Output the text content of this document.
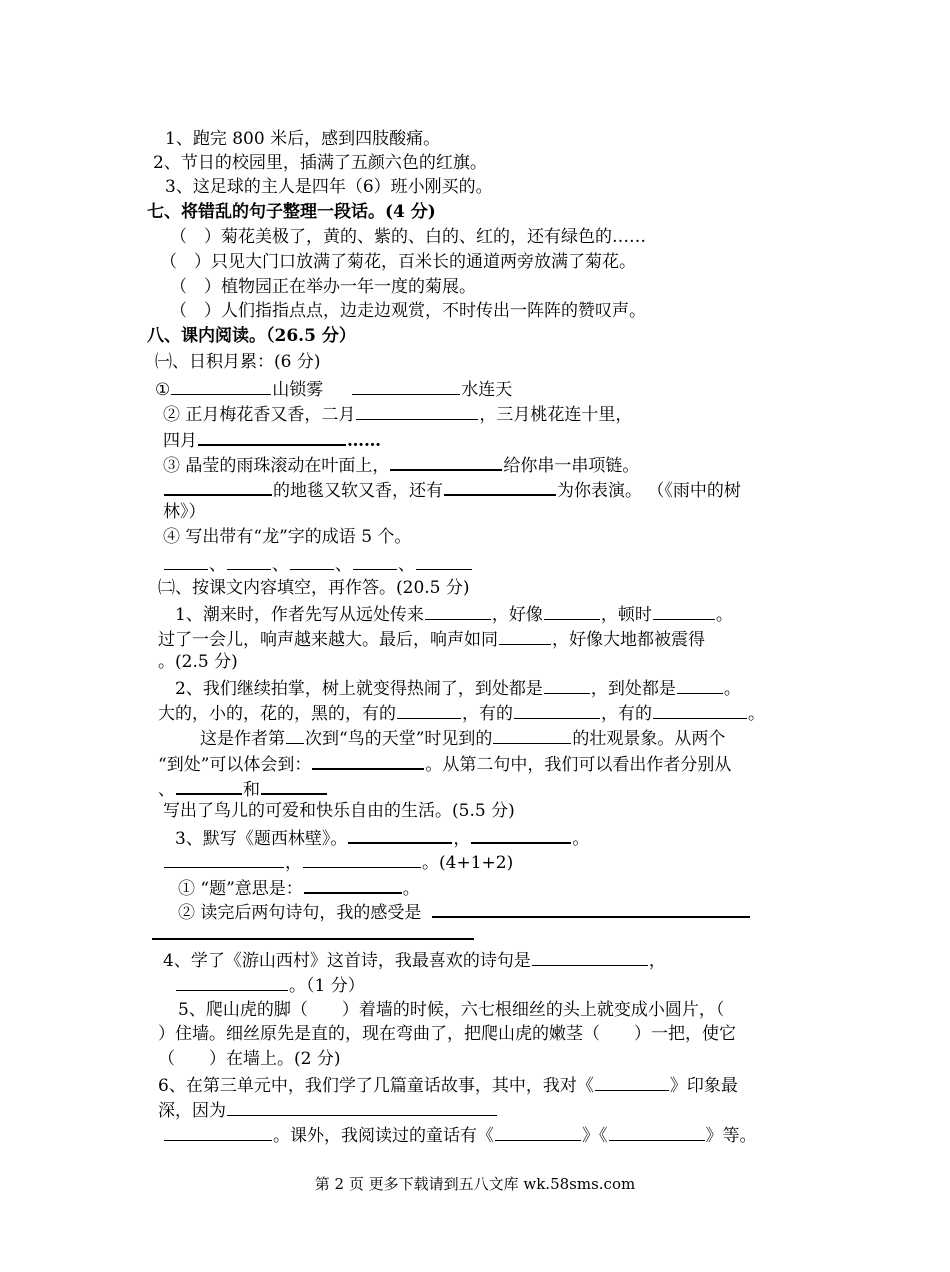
1、跑完 800 米后，感到四肢酸痛。
2、节日的校园里，插满了五颜六色的红旗。
3、这足球的主人是四年（6）班小刚买的。
七、将错乱的句子整理一段话。(4 分)
（　）菊花美极了，黄的、紫的、白的、红的，还有绿色的……
（　）只见大门口放满了菊花，百米长的通道两旁放满了菊花。
（　）植物园正在举办一年一度的菊展。
（　）人们指指点点，边走边观赏，不时传出一阵阵的赞叹声。
八、课内阅读。（26.5 分）
㈠、日积月累：(6 分)
①	山锁雾	水连天
② 正月梅花香又香，二月	，三月桃花连十里，
四月	……
③ 晶莹的雨珠滚动在叶面上，	给你串一串项链。
的地毯又软又香，还有	为你表演。 （《雨中的树
林》）
④ 写出带有“龙”字的成语 5 个。
、	、	、	、
㈡、按课文内容填空，再作答。(20.5 分)
1、潮来时，作者先写从远处传来	，好像	，顿时	。
过了一会儿，响声越来越大。最后，响声如同	，好像大地都被震得
。(2.5 分)
2、我们继续拍掌，树上就变得热闹了，到处都是	，到处都是	。
大的，小的，花的，黑的，有的	，有的	，有的	。
这是作者第 次到“鸟的天堂”时见到的	的壮观景象。从两个
“到处”可以体会到：	。从第二句中，我们可以看出作者分别从
、	和
写出了鸟儿的可爱和快乐自由的生活。(5.5 分)
3、默写《题西林壁》。	，	。
，	。(4+1+2)
① “题”意思是：	。
② 读完后两句诗句，我的感受是
4、学了《游山西村》这首诗，我最喜欢的诗句是	，
。（1 分）
5、爬山虎的脚（　　）着墙的时候，六七根细丝的头上就变成小圆片，（
）住墙。细丝原先是直的，现在弯曲了，把爬山虎的嫩茎（　　）一把，使它
（　　）在墙上。(2 分)
6、在第三单元中，我们学了几篇童话故事，其中，我对《	》印象最
深，因为
。课外，我阅读过的童话有《	》《	》等。
第 2 页 更多下载请到五八文库 wk.58sms.com
